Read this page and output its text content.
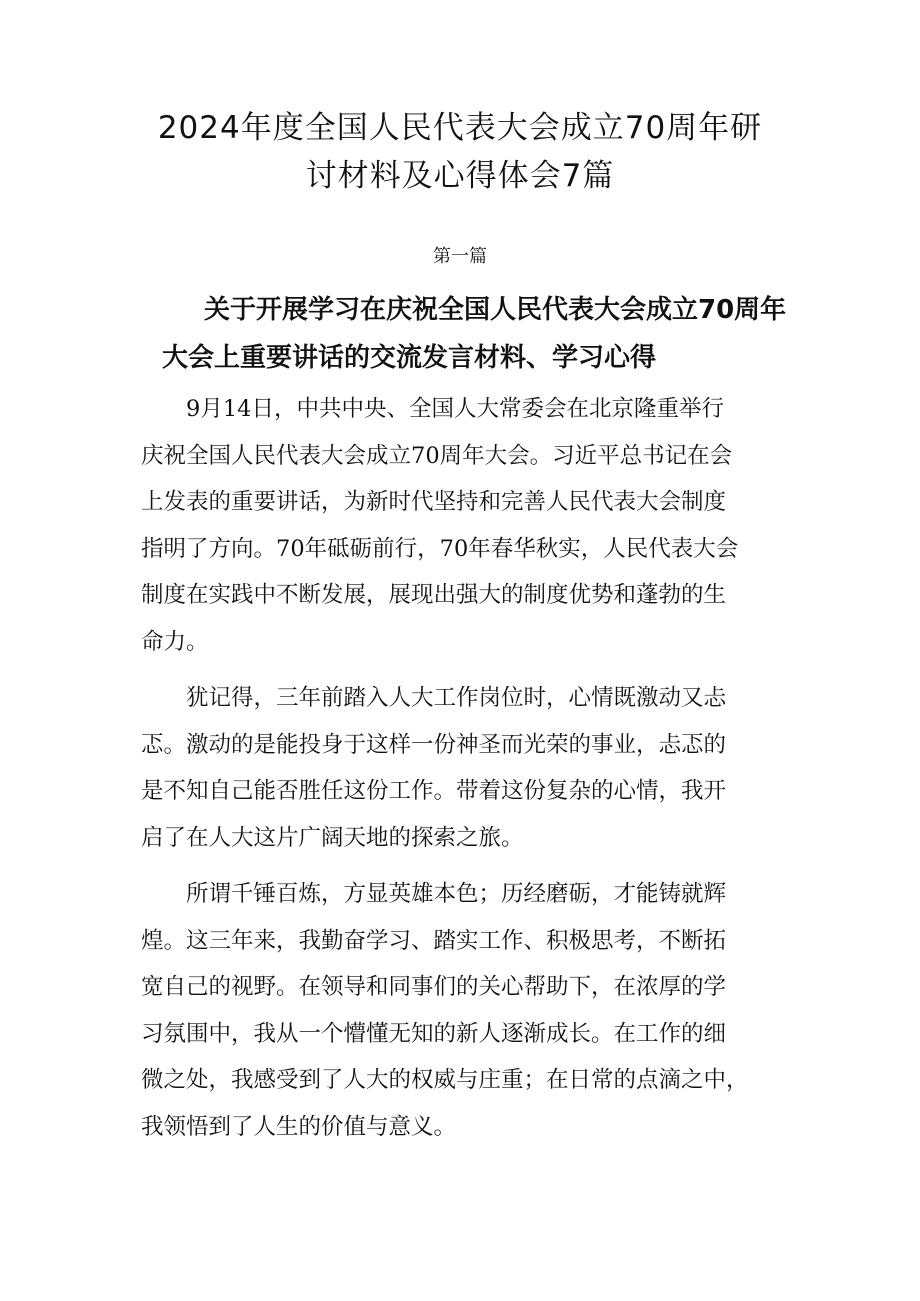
2024年度全国人民代表大会成立70周年研
讨材料及心得体会7篇
第一篇
关于开展学习在庆祝全国人民代表大会成立70周年
大会上重要讲话的交流发言材料、学习心得

9月14日，中共中央、全国人大常委会在北京隆重举行
庆祝全国人民代表大会成立70周年大会。习近平总书记在会
上发表的重要讲话，为新时代坚持和完善人民代表大会制度
指明了方向。70年砥砺前行，70年春华秋实，人民代表大会
制度在实践中不断发展，展现出强大的制度优势和蓬勃的生
命力。

犹记得，三年前踏入人大工作岗位时，心情既激动又忐
忑。激动的是能投身于这样一份神圣而光荣的事业，忐忑的
是不知自己能否胜任这份工作。带着这份复杂的心情，我开
启了在人大这片广阔天地的探索之旅。

所谓千锤百炼，方显英雄本色；历经磨砺，才能铸就辉
煌。这三年来，我勤奋学习、踏实工作、积极思考，不断拓
宽自己的视野。在领导和同事们的关心帮助下，在浓厚的学
习氛围中，我从一个懵懂无知的新人逐渐成长。在工作的细
微之处，我感受到了人大的权威与庄重；在日常的点滴之中，
我领悟到了人生的价值与意义。
